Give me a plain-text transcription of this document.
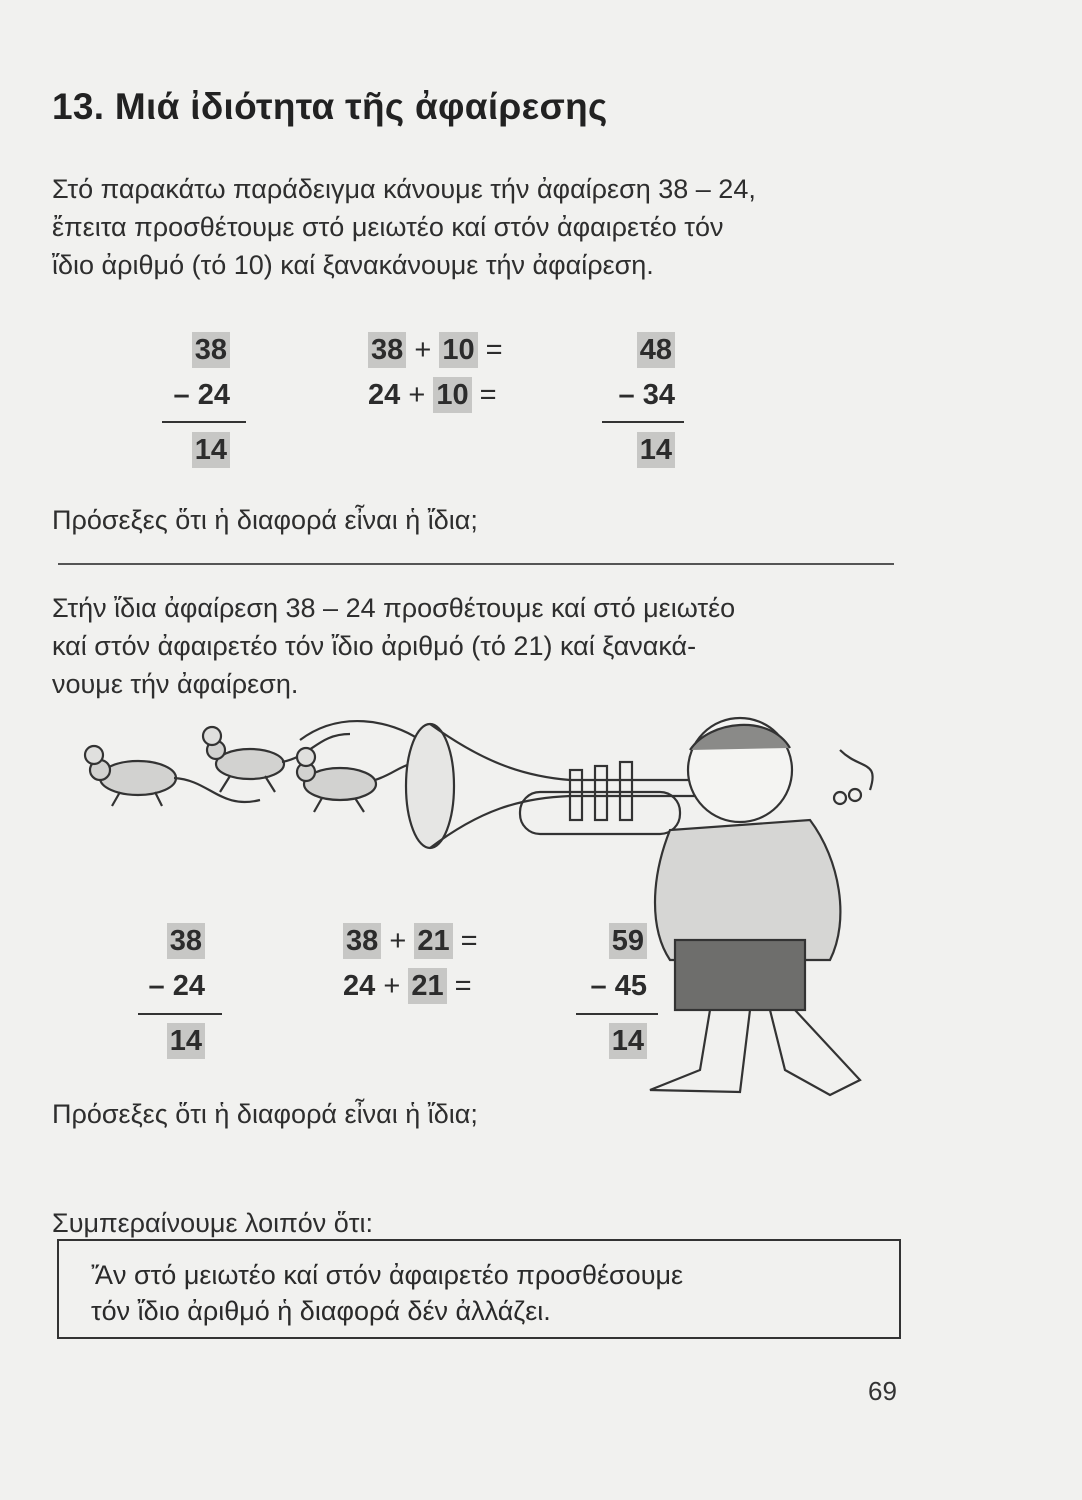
13. Μιά ἰδιότητα τῆς ἀφαίρεσης
Στό παρακάτω παράδειγμα κάνουμε τήν ἀφαίρεση 38 – 24,
ἔπειτα προσθέτουμε στό μειωτέο καί στόν ἀφαιρετέο τόν
ἴδιο ἀριθμό (τό 10) καί ξανακάνουμε τήν ἀφαίρεση.
38
– 24
14
38 + 10 =
24 + 10 =
48
– 34
14
Πρόσεξες ὅτι ἡ διαφορά εἶναι ἡ ἴδια;
Στήν ἴδια ἀφαίρεση 38 – 24 προσθέτουμε καί στό μειωτέο
καί στόν ἀφαιρετέο τόν ἴδιο ἀριθμό (τό 21) καί ξανακά-
νουμε τήν ἀφαίρεση.
38
– 24
14
38 + 21 =
24 + 21 =
59
– 45
14
Πρόσεξες ὅτι ἡ διαφορά εἶναι ἡ ἴδια;
Συμπεραίνουμε λοιπόν ὅτι:
Ἄν στό μειωτέο καί στόν ἀφαιρετέο προσθέσουμε
τόν ἴδιο ἀριθμό ἡ διαφορά δέν ἀλλάζει.
69
